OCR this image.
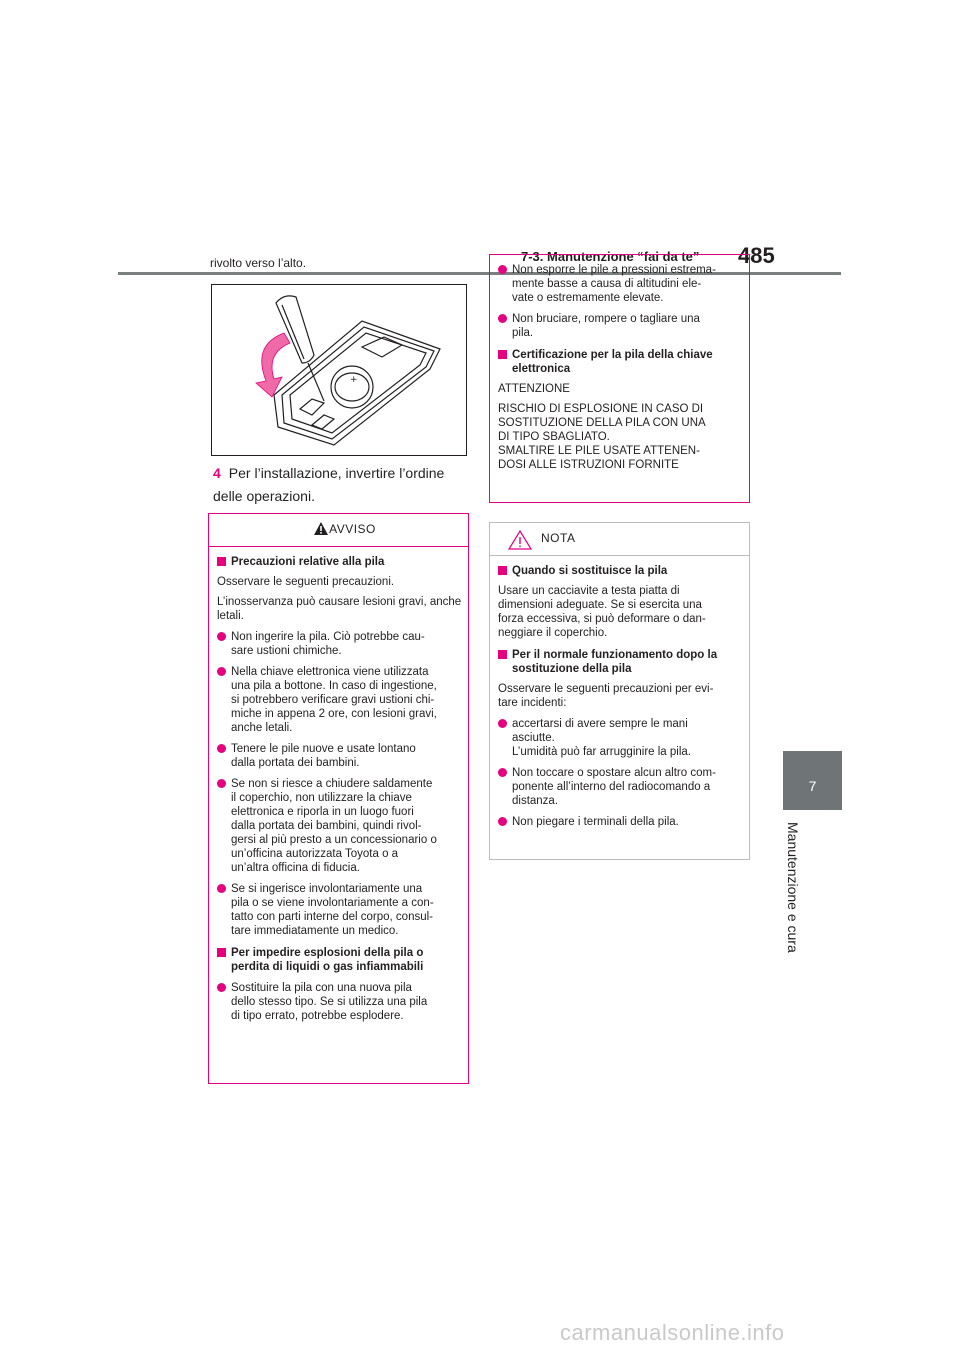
7-3. Manutenzione “fai da te” 485
7
Manutenzione e cura
rivolto verso l’alto.
+
4 Per l’installazione, invertire l’ordine delle operazioni.
AVVISO
Precauzioni relative alla pila
Osservare le seguenti precauzioni.
L’inosservanza può causare lesioni gravi, anche letali.
Non ingerire la pila. Ciò potrebbe cau-
sare ustioni chimiche.
Nella chiave elettronica viene utilizzata
una pila a bottone. In caso di ingestione,
si potrebbero verificare gravi ustioni chi-
miche in appena 2 ore, con lesioni gravi,
anche letali.
Tenere le pile nuove e usate lontano
dalla portata dei bambini.
Se non si riesce a chiudere saldamente
il coperchio, non utilizzare la chiave
elettronica e riporla in un luogo fuori
dalla portata dei bambini, quindi rivol-
gersi al più presto a un concessionario o
un’officina autorizzata Toyota o a
un’altra officina di fiducia.
Se si ingerisce involontariamente una
pila o se viene involontariamente a con-
tatto con parti interne del corpo, consul-
tare immediatamente un medico.
Per impedire esplosioni della pila o
perdita di liquidi o gas infiammabili
Sostituire la pila con una nuova pila
dello stesso tipo. Se si utilizza una pila
di tipo errato, potrebbe esplodere.
Non esporre le pile a pressioni estrema-
mente basse a causa di altitudini ele-
vate o estremamente elevate.
Non bruciare, rompere o tagliare una
pila.
Certificazione per la pila della chiave
elettronica
ATTENZIONE
RISCHIO DI ESPLOSIONE IN CASO DI
SOSTITUZIONE DELLA PILA CON UNA
DI TIPO SBAGLIATO.
SMALTIRE LE PILE USATE ATTENEN-
DOSI ALLE ISTRUZIONI FORNITE
NOTA
Quando si sostituisce la pila
Usare un cacciavite a testa piatta di
dimensioni adeguate. Se si esercita una
forza eccessiva, si può deformare o dan-
neggiare il coperchio.
Per il normale funzionamento dopo la
sostituzione della pila
Osservare le seguenti precauzioni per evi-
tare incidenti:
accertarsi di avere sempre le mani
asciutte.
L’umidità può far arrugginire la pila.
Non toccare o spostare alcun altro com-
ponente all’interno del radiocomando a
distanza.
Non piegare i terminali della pila.
carmanualsonline.info
